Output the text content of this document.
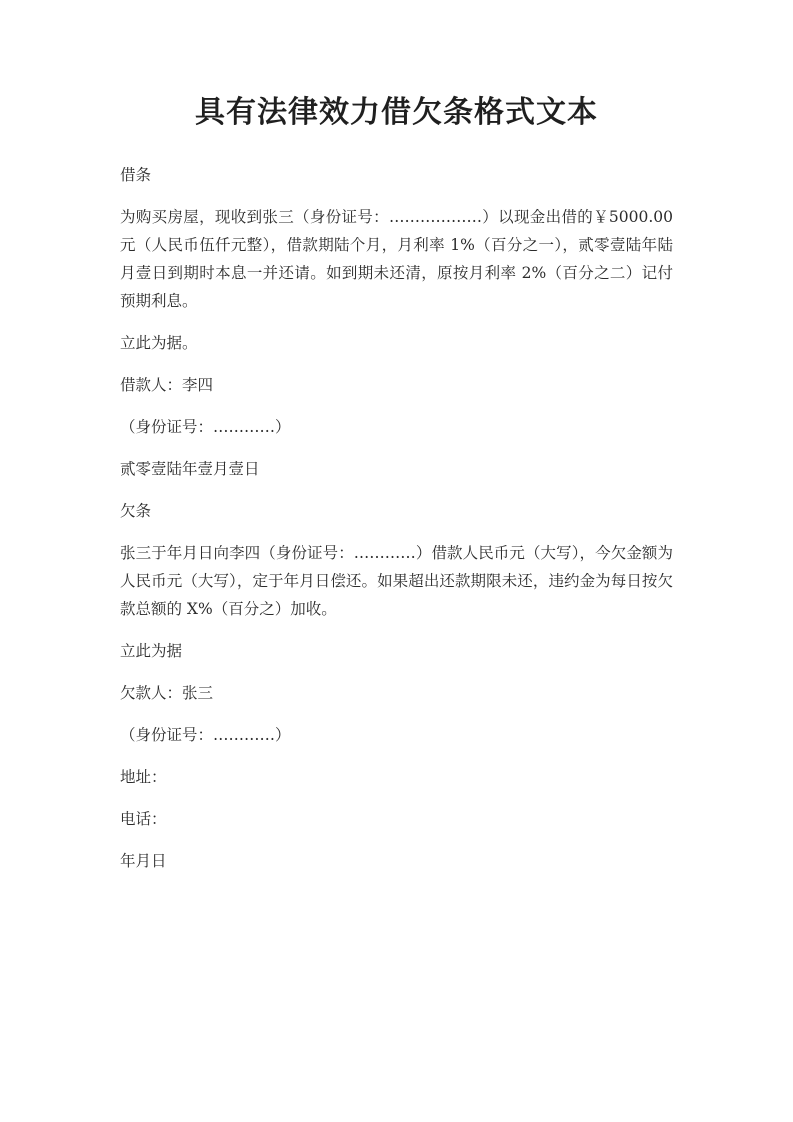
具有法律效力借欠条格式文本

借条

为购买房屋，现收到张三（身份证号：………………）以现金出借的￥5000.00 元（人民币伍仟元整），借款期陆个月，月利率 1%（百分之一），贰零壹陆年陆月壹日到期时本息一并还请。如到期未还清，原按月利率 2%（百分之二）记付预期利息。

立此为据。

借款人：李四

（身份证号：…………）

贰零壹陆年壹月壹日

欠条

张三于年月日向李四（身份证号：…………）借款人民币元（大写），今欠金额为人民币元（大写），定于年月日偿还。如果超出还款期限未还，违约金为每日按欠款总额的 X%（百分之）加收。

立此为据

欠款人：张三

（身份证号：…………）

地址：

电话：

年月日
